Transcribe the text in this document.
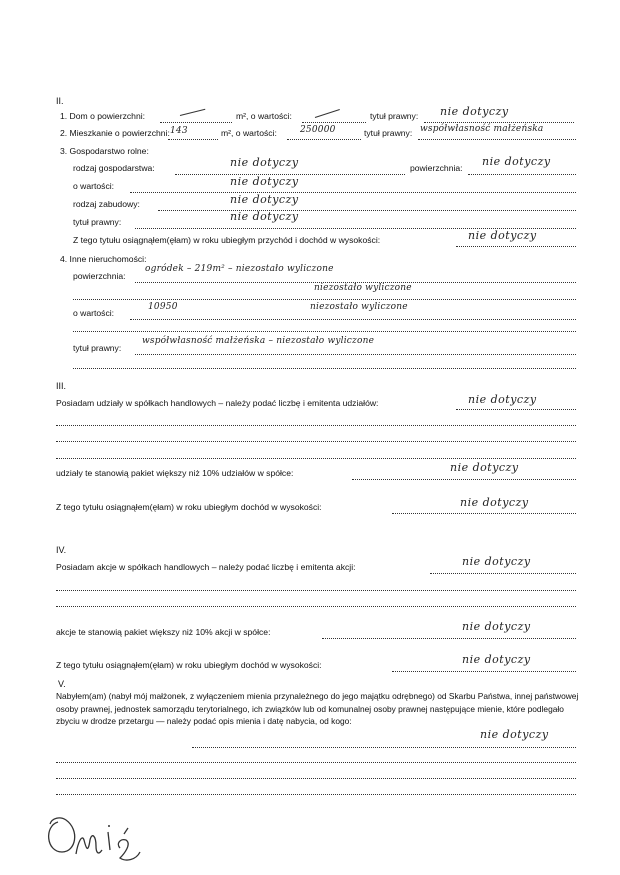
II.
1. Dom o powierzchni:	m², o wartości:	tytuł prawny: nie dotyczy
2. Mieszkanie o powierzchni: 143	m², o wartości:	250000	tytuł prawny: współwłasność małżeńska
3. Gospodarstwo rolne:
rodzaj gospodarstwa:	nie dotyczy	powierzchnia: nie dotyczy
o wartości:	nie dotyczy
rodzaj zabudowy:	nie dotyczy
tytuł prawny:	nie dotyczy
Z tego tytułu osiągnąłem(ęłam) w roku ubiegłym przychód i dochód w wysokości:	nie dotyczy
4. Inne nieruchomości:
powierzchnia:
ogródek – 219m² – niezostało wyliczone
niezostało wyliczone
o wartości:
10950	niezostało wyliczone
tytuł prawny:
współwłasność małżeńska – niezostało wyliczone
III.
Posiadam udziały w spółkach handlowych – należy podać liczbę i emitenta udziałów:	nie dotyczy
udziały te stanowią pakiet większy niż 10% udziałów w spółce:	nie dotyczy
Z tego tytułu osiągnąłem(ęłam) w roku ubiegłym dochód w wysokości:	nie dotyczy
IV.
Posiadam akcje w spółkach handlowych – należy podać liczbę i emitenta akcji:	nie dotyczy
akcje te stanowią pakiet większy niż 10% akcji w spółce:	nie dotyczy
Z tego tytułu osiągnąłem(ęłam) w roku ubiegłym dochód w wysokości:	nie dotyczy
V.
Nabyłem(am) (nabył mój małżonek, z wyłączeniem mienia przynależnego do jego majątku odrębnego) od Skarbu Państwa, innej państwowej osoby prawnej, jednostek samorządu terytorialnego, ich związków lub od komunalnej osoby prawnej następujące mienie, które podlegało zbyciu w drodze przetargu — należy podać opis mienia i datę nabycia, od kogo:
nie dotyczy
